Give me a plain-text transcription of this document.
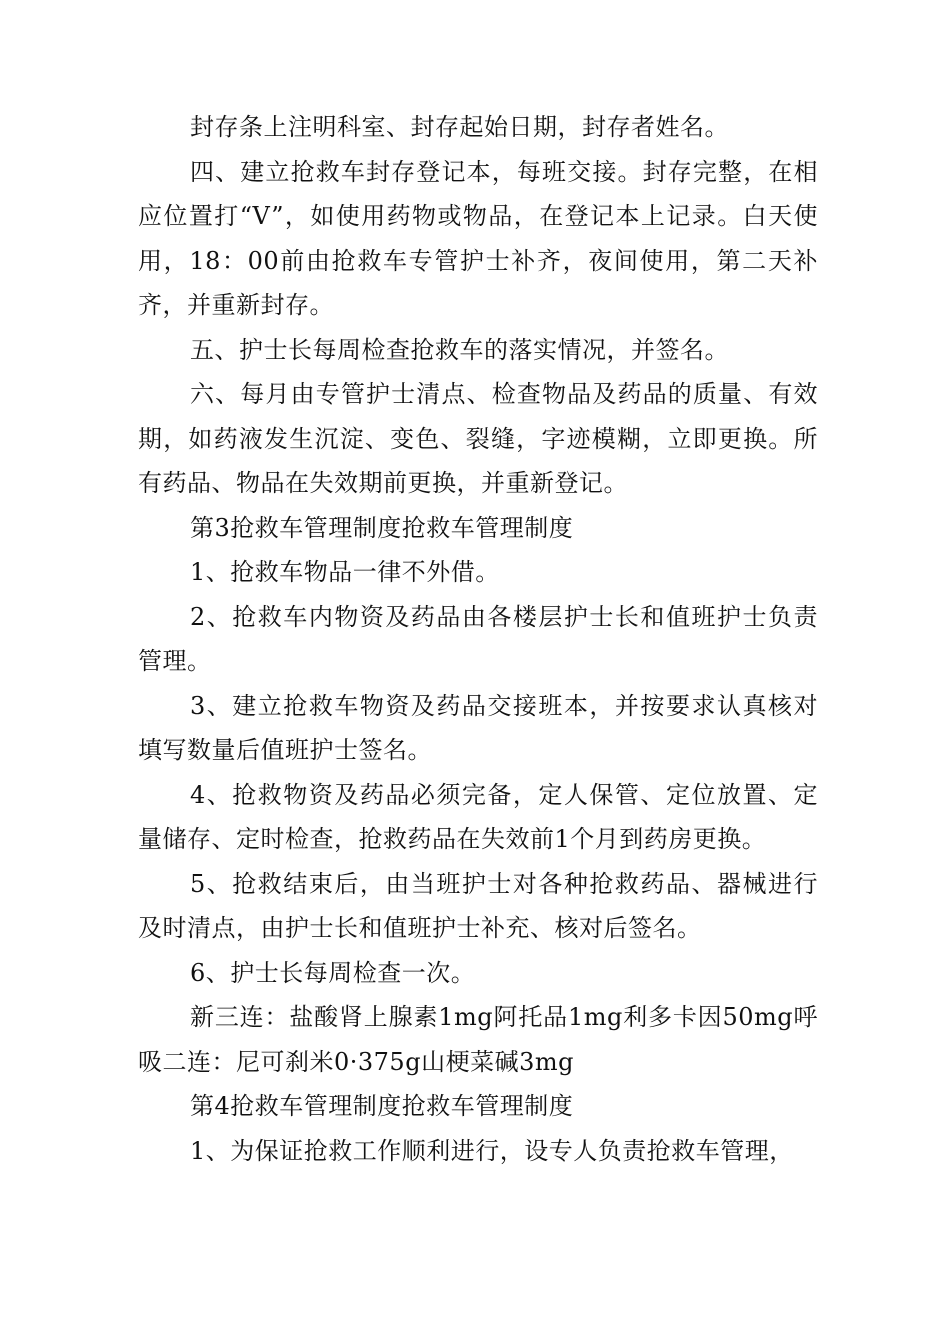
封存条上注明科室、封存起始日期，封存者姓名。

四、建立抢救车封存登记本，每班交接。封存完整，在相应位置打“V”，如使用药物或物品，在登记本上记录。白天使用，18：00前由抢救车专管护士补齐，夜间使用，第二天补齐，并重新封存。

五、护士长每周检查抢救车的落实情况，并签名。

六、每月由专管护士清点、检查物品及药品的质量、有效期，如药液发生沉淀、变色、裂缝，字迹模糊，立即更换。所有药品、物品在失效期前更换，并重新登记。

第3抢救车管理制度抢救车管理制度

1、抢救车物品一律不外借。

2、抢救车内物资及药品由各楼层护士长和值班护士负责管理。

3、建立抢救车物资及药品交接班本，并按要求认真核对填写数量后值班护士签名。

4、抢救物资及药品必须完备，定人保管、定位放置、定量储存、定时检查，抢救药品在失效前1个月到药房更换。

5、抢救结束后，由当班护士对各种抢救药品、器械进行及时清点，由护士长和值班护士补充、核对后签名。

6、护士长每周检查一次。

新三连：盐酸肾上腺素1mg阿托品1mg利多卡因50mg呼吸二连：尼可刹米0·375g山梗菜碱3mg

第4抢救车管理制度抢救车管理制度

1、为保证抢救工作顺利进行，设专人负责抢救车管理，
